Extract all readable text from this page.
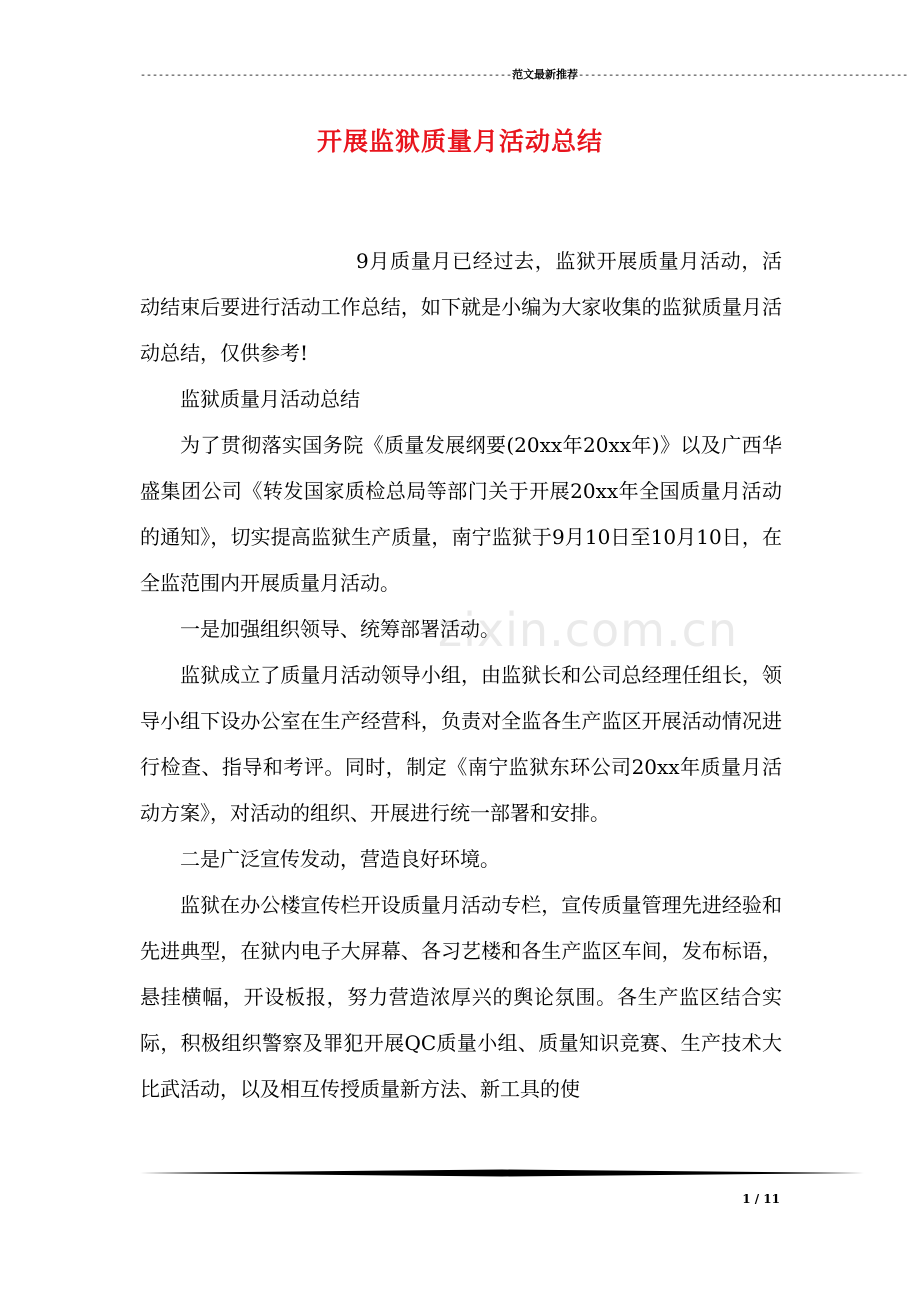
--------------------------------------------------------------范文最新推荐-------------------------------------------------------
开展监狱质量月活动总结
zixin.com.cn

9月质量月已经过去，监狱开展质量月活动，活动结束后要进行活动工作总结，如下就是小编为大家收集的监狱质量月活动总结，仅供参考!

监狱质量月活动总结

为了贯彻落实国务院《质量发展纲要(20xx年20xx年)》以及广西华盛集团公司《转发国家质检总局等部门关于开展20xx年全国质量月活动的通知》，切实提高监狱生产质量，南宁监狱于9月10日至10月10日，在全监范围内开展质量月活动。

一是加强组织领导、统筹部署活动。

监狱成立了质量月活动领导小组，由监狱长和公司总经理任组长，领导小组下设办公室在生产经营科，负责对全监各生产监区开展活动情况进行检查、指导和考评。同时，制定《南宁监狱东环公司20xx年质量月活动方案》，对活动的组织、开展进行统一部署和安排。

二是广泛宣传发动，营造良好环境。

监狱在办公楼宣传栏开设质量月活动专栏，宣传质量管理先进经验和先进典型，在狱内电子大屏幕、各习艺楼和各生产监区车间，发布标语，悬挂横幅，开设板报，努力营造浓厚兴的舆论氛围。各生产监区结合实际，积极组织警察及罪犯开展QC质量小组、质量知识竞赛、生产技术大比武活动，以及相互传授质量新方法、新工具的使

1 / 11
